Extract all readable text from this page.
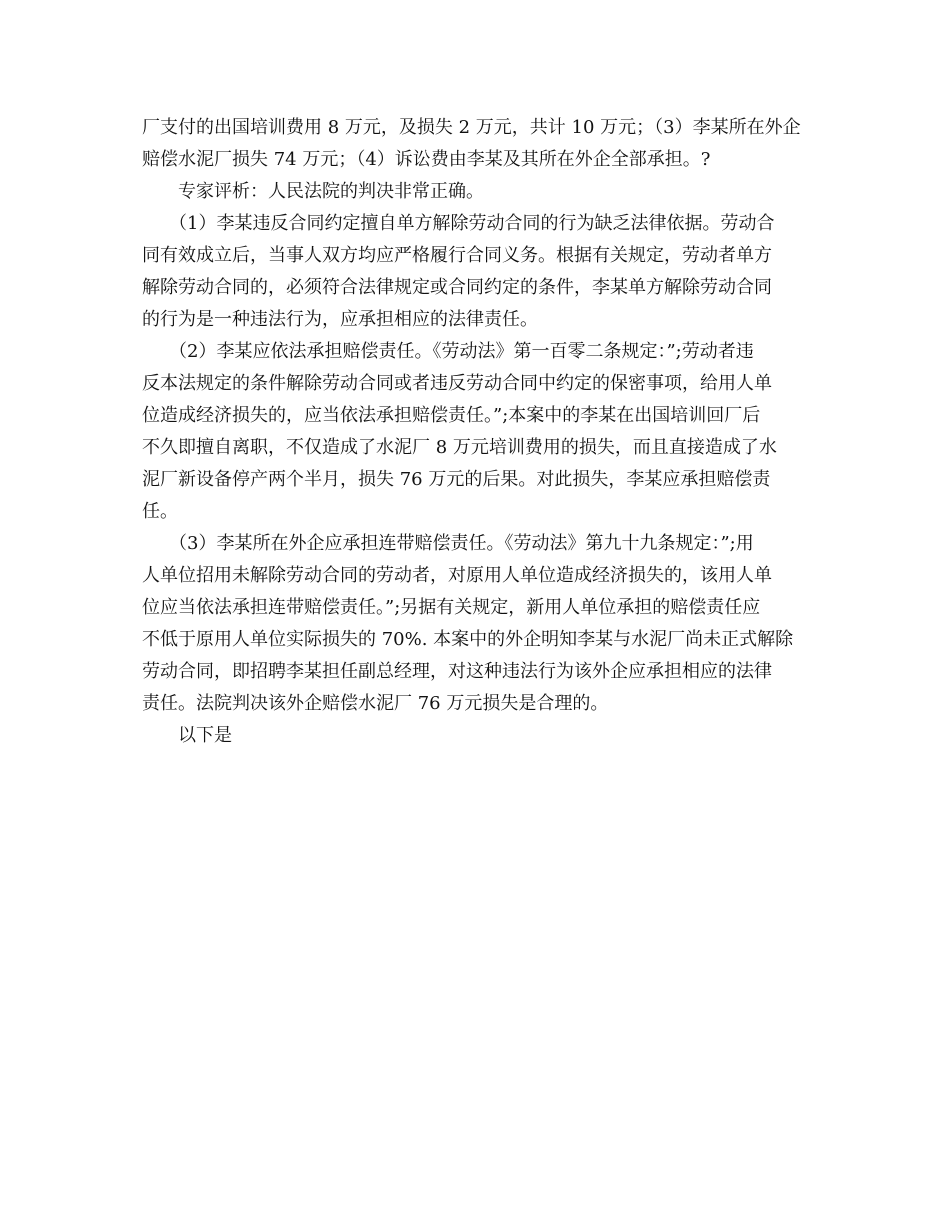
厂支付的出国培训费用 8 万元，及损失 2 万元，共计 10 万元；（3）李某所在外企
赔偿水泥厂损失 74 万元；（4）诉讼费由李某及其所在外企全部承担。?
　　专家评析：人民法院的判决非常正确。
　　（1）李某违反合同约定擅自单方解除劳动合同的行为缺乏法律依据。劳动合
同有效成立后，当事人双方均应严格履行合同义务。根据有关规定，劳动者单方
解除劳动合同的，必须符合法律规定或合同约定的条件，李某单方解除劳动合同
的行为是一种违法行为，应承担相应的法律责任。
　　（2）李某应依法承担赔偿责任。《劳动法》第一百零二条规定：”;劳动者违
反本法规定的条件解除劳动合同或者违反劳动合同中约定的保密事项，给用人单
位造成经济损失的，应当依法承担赔偿责任。”;本案中的李某在出国培训回厂后
不久即擅自离职，不仅造成了水泥厂 8 万元培训费用的损失，而且直接造成了水
泥厂新设备停产两个半月，损失 76 万元的后果。对此损失，李某应承担赔偿责
任。
　　（3）李某所在外企应承担连带赔偿责任。《劳动法》第九十九条规定：”;用
人单位招用未解除劳动合同的劳动者，对原用人单位造成经济损失的，该用人单
位应当依法承担连带赔偿责任。”;另据有关规定，新用人单位承担的赔偿责任应
不低于原用人单位实际损失的 70%. 本案中的外企明知李某与水泥厂尚未正式解除
劳动合同，即招聘李某担任副总经理，对这种违法行为该外企应承担相应的法律
责任。法院判决该外企赔偿水泥厂 76 万元损失是合理的。
　　以下是
